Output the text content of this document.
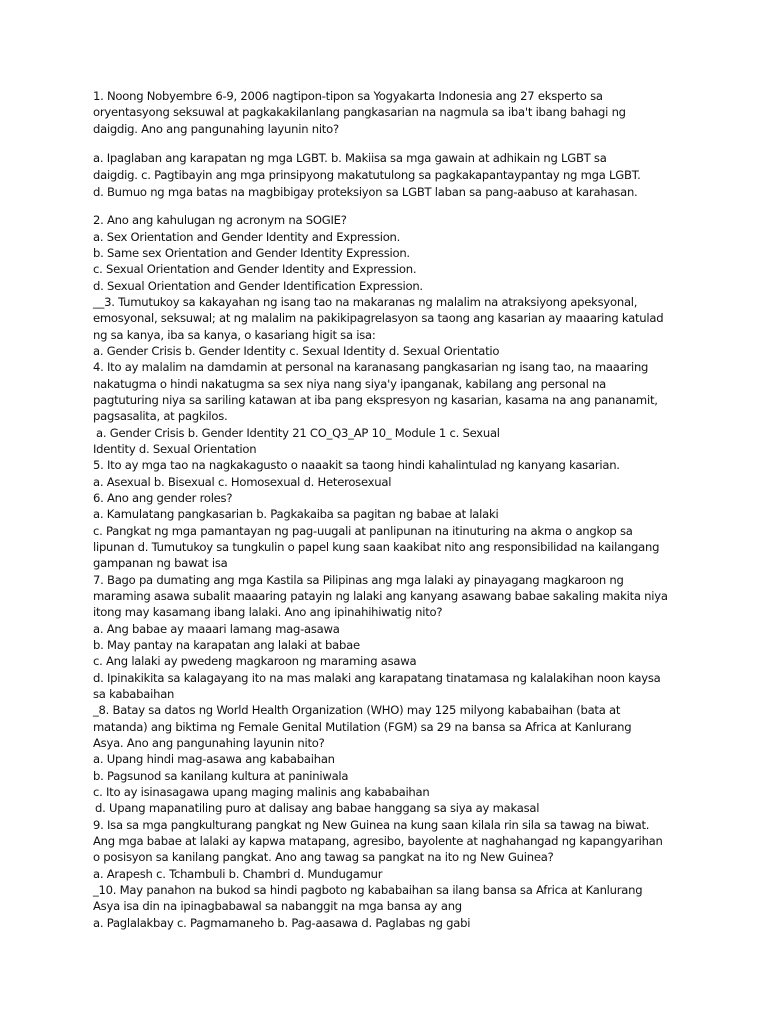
1. Noong Nobyembre 6-9, 2006 nagtipon-tipon sa Yogyakarta Indonesia ang 27 eksperto sa
oryentasyong seksuwal at pagkakakilanlang pangkasarian na nagmula sa iba't ibang bahagi ng
daigdig. Ano ang pangunahing layunin nito?
a. Ipaglaban ang karapatan ng mga LGBT. b. Makiisa sa mga gawain at adhikain ng LGBT sa
daigdig. c. Pagtibayin ang mga prinsipyong makatutulong sa pagkakapantaypantay ng mga LGBT.
d. Bumuo ng mga batas na magbibigay proteksiyon sa LGBT laban sa pang-aabuso at karahasan.
2. Ano ang kahulugan ng acronym na SOGIE?
a. Sex Orientation and Gender Identity and Expression.
b. Same sex Orientation and Gender Identity Expression.
c. Sexual Orientation and Gender Identity and Expression.
d. Sexual Orientation and Gender Identification Expression.
__3. Tumutukoy sa kakayahan ng isang tao na makaranas ng malalim na atraksiyong apeksyonal,
emosyonal, seksuwal; at ng malalim na pakikipagrelasyon sa taong ang kasarian ay maaaring katulad
ng sa kanya, iba sa kanya, o kasariang higit sa isa:
a. Gender Crisis b. Gender Identity c. Sexual Identity d. Sexual Orientatio
4. Ito ay malalim na damdamin at personal na karanasang pangkasarian ng isang tao, na maaaring
nakatugma o hindi nakatugma sa sex niya nang siya'y ipanganak, kabilang ang personal na
pagtuturing niya sa sariling katawan at iba pang ekspresyon ng kasarian, kasama na ang pananamit,
pagsasalita, at pagkilos.
a. Gender Crisis b. Gender Identity 21 CO_Q3_AP 10_ Module 1 c. Sexual
Identity d. Sexual Orientation
5. Ito ay mga tao na nagkakagusto o naaakit sa taong hindi kahalintulad ng kanyang kasarian.
a. Asexual b. Bisexual c. Homosexual d. Heterosexual
6. Ano ang gender roles?
a. Kamulatang pangkasarian b. Pagkakaiba sa pagitan ng babae at lalaki
c. Pangkat ng mga pamantayan ng pag-uugali at panlipunan na itinuturing na akma o angkop sa
lipunan d. Tumutukoy sa tungkulin o papel kung saan kaakibat nito ang responsibilidad na kailangang
gampanan ng bawat isa
7. Bago pa dumating ang mga Kastila sa Pilipinas ang mga lalaki ay pinayagang magkaroon ng
maraming asawa subalit maaaring patayin ng lalaki ang kanyang asawang babae sakaling makita niya
itong may kasamang ibang lalaki. Ano ang ipinahihiwatig nito?
a. Ang babae ay maaari lamang mag-asawa
b. May pantay na karapatan ang lalaki at babae
c. Ang lalaki ay pwedeng magkaroon ng maraming asawa
d. Ipinakikita sa kalagayang ito na mas malaki ang karapatang tinatamasa ng kalalakihan noon kaysa
sa kababaihan
_8. Batay sa datos ng World Health Organization (WHO) may 125 milyong kababaihan (bata at
matanda) ang biktima ng Female Genital Mutilation (FGM) sa 29 na bansa sa Africa at Kanlurang
Asya. Ano ang pangunahing layunin nito?
a. Upang hindi mag-asawa ang kababaihan
b. Pagsunod sa kanilang kultura at paniniwala
c. Ito ay isinasagawa upang maging malinis ang kababaihan
d. Upang mapanatiling puro at dalisay ang babae hanggang sa siya ay makasal
9. Isa sa mga pangkulturang pangkat ng New Guinea na kung saan kilala rin sila sa tawag na biwat.
Ang mga babae at lalaki ay kapwa matapang, agresibo, bayolente at naghahangad ng kapangyarihan
o posisyon sa kanilang pangkat. Ano ang tawag sa pangkat na ito ng New Guinea?
a. Arapesh c. Tchambuli b. Chambri d. Mundugamur
_10. May panahon na bukod sa hindi pagboto ng kababaihan sa ilang bansa sa Africa at Kanlurang
Asya isa din na ipinagbabawal sa nabanggit na mga bansa ay ang
a. Paglalakbay c. Pagmamaneho b. Pag-aasawa d. Paglabas ng gabi
